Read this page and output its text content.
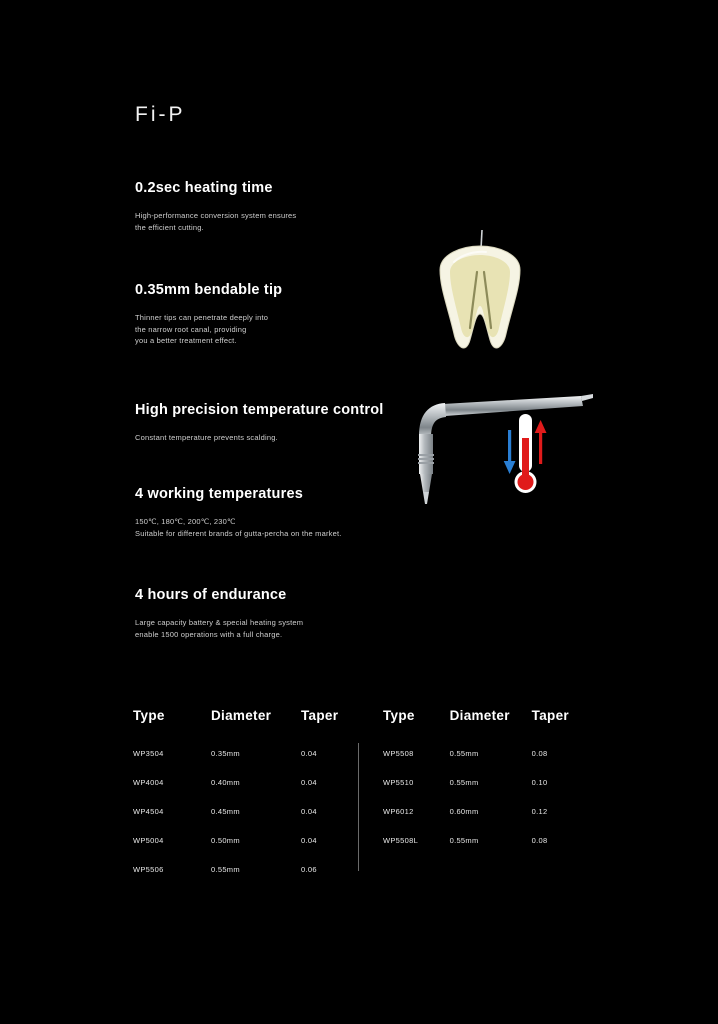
Fi-P
0.2sec heating time

High-performance conversion system ensures
the efficient cutting.

0.35mm bendable tip

Thinner tips can penetrate deeply into
the narrow root canal, providing
you a better treatment effect.

High precision temperature control

Constant temperature prevents scalding.

4 working temperatures

150℃, 180℃, 200℃, 230℃
Suitable for different brands of gutta-percha on the market.

4 hours of endurance

Large capacity battery & special heating system
enable 1500 operations with a full charge.

Type	Diameter	Taper
WP3504	0.35mm	0.04
WP4004	0.40mm	0.04
WP4504	0.45mm	0.04
WP5004	0.50mm	0.04
WP5506	0.55mm	0.06
Type	Diameter	Taper
WP5508	0.55mm	0.08
WP5510	0.55mm	0.10
WP6012	0.60mm	0.12
WP5508L	0.55mm	0.08
